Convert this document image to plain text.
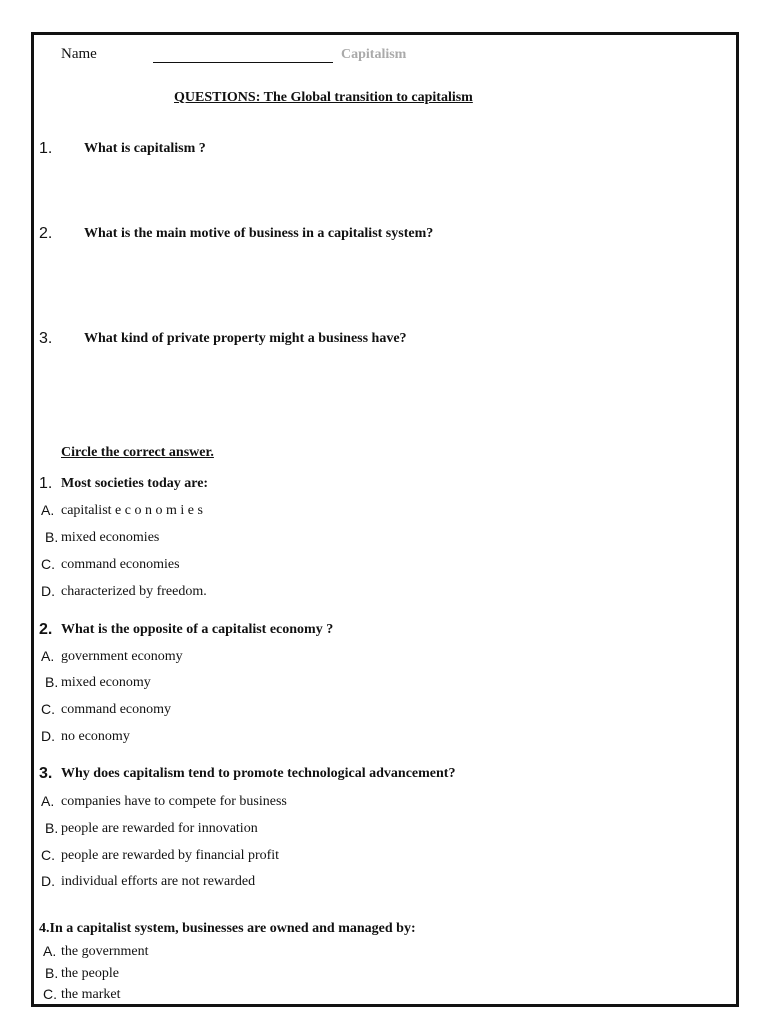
Name	Capitalism
QUESTIONS: The Global transition to capitalism
1. What is capitalism ?
2. What is the main motive of business in a capitalist system?
3. What kind of private property might a business have?
Circle the correct answer.
1. Most societies today are:
A. capitalist e c o n o m i e s
B. mixed economies
C. command economies
D. characterized by freedom.
2. What is the opposite of a capitalist economy ?
A. government economy
B. mixed economy
C. command economy
D. no economy
3. Why does capitalism tend to promote technological advancement?
A. companies have to compete for business
B. people are rewarded for innovation
C. people are rewarded by financial profit
D. individual efforts are not rewarded
4.In a capitalist system, businesses are owned and managed by:
A. the government
B. the people
C. the market
